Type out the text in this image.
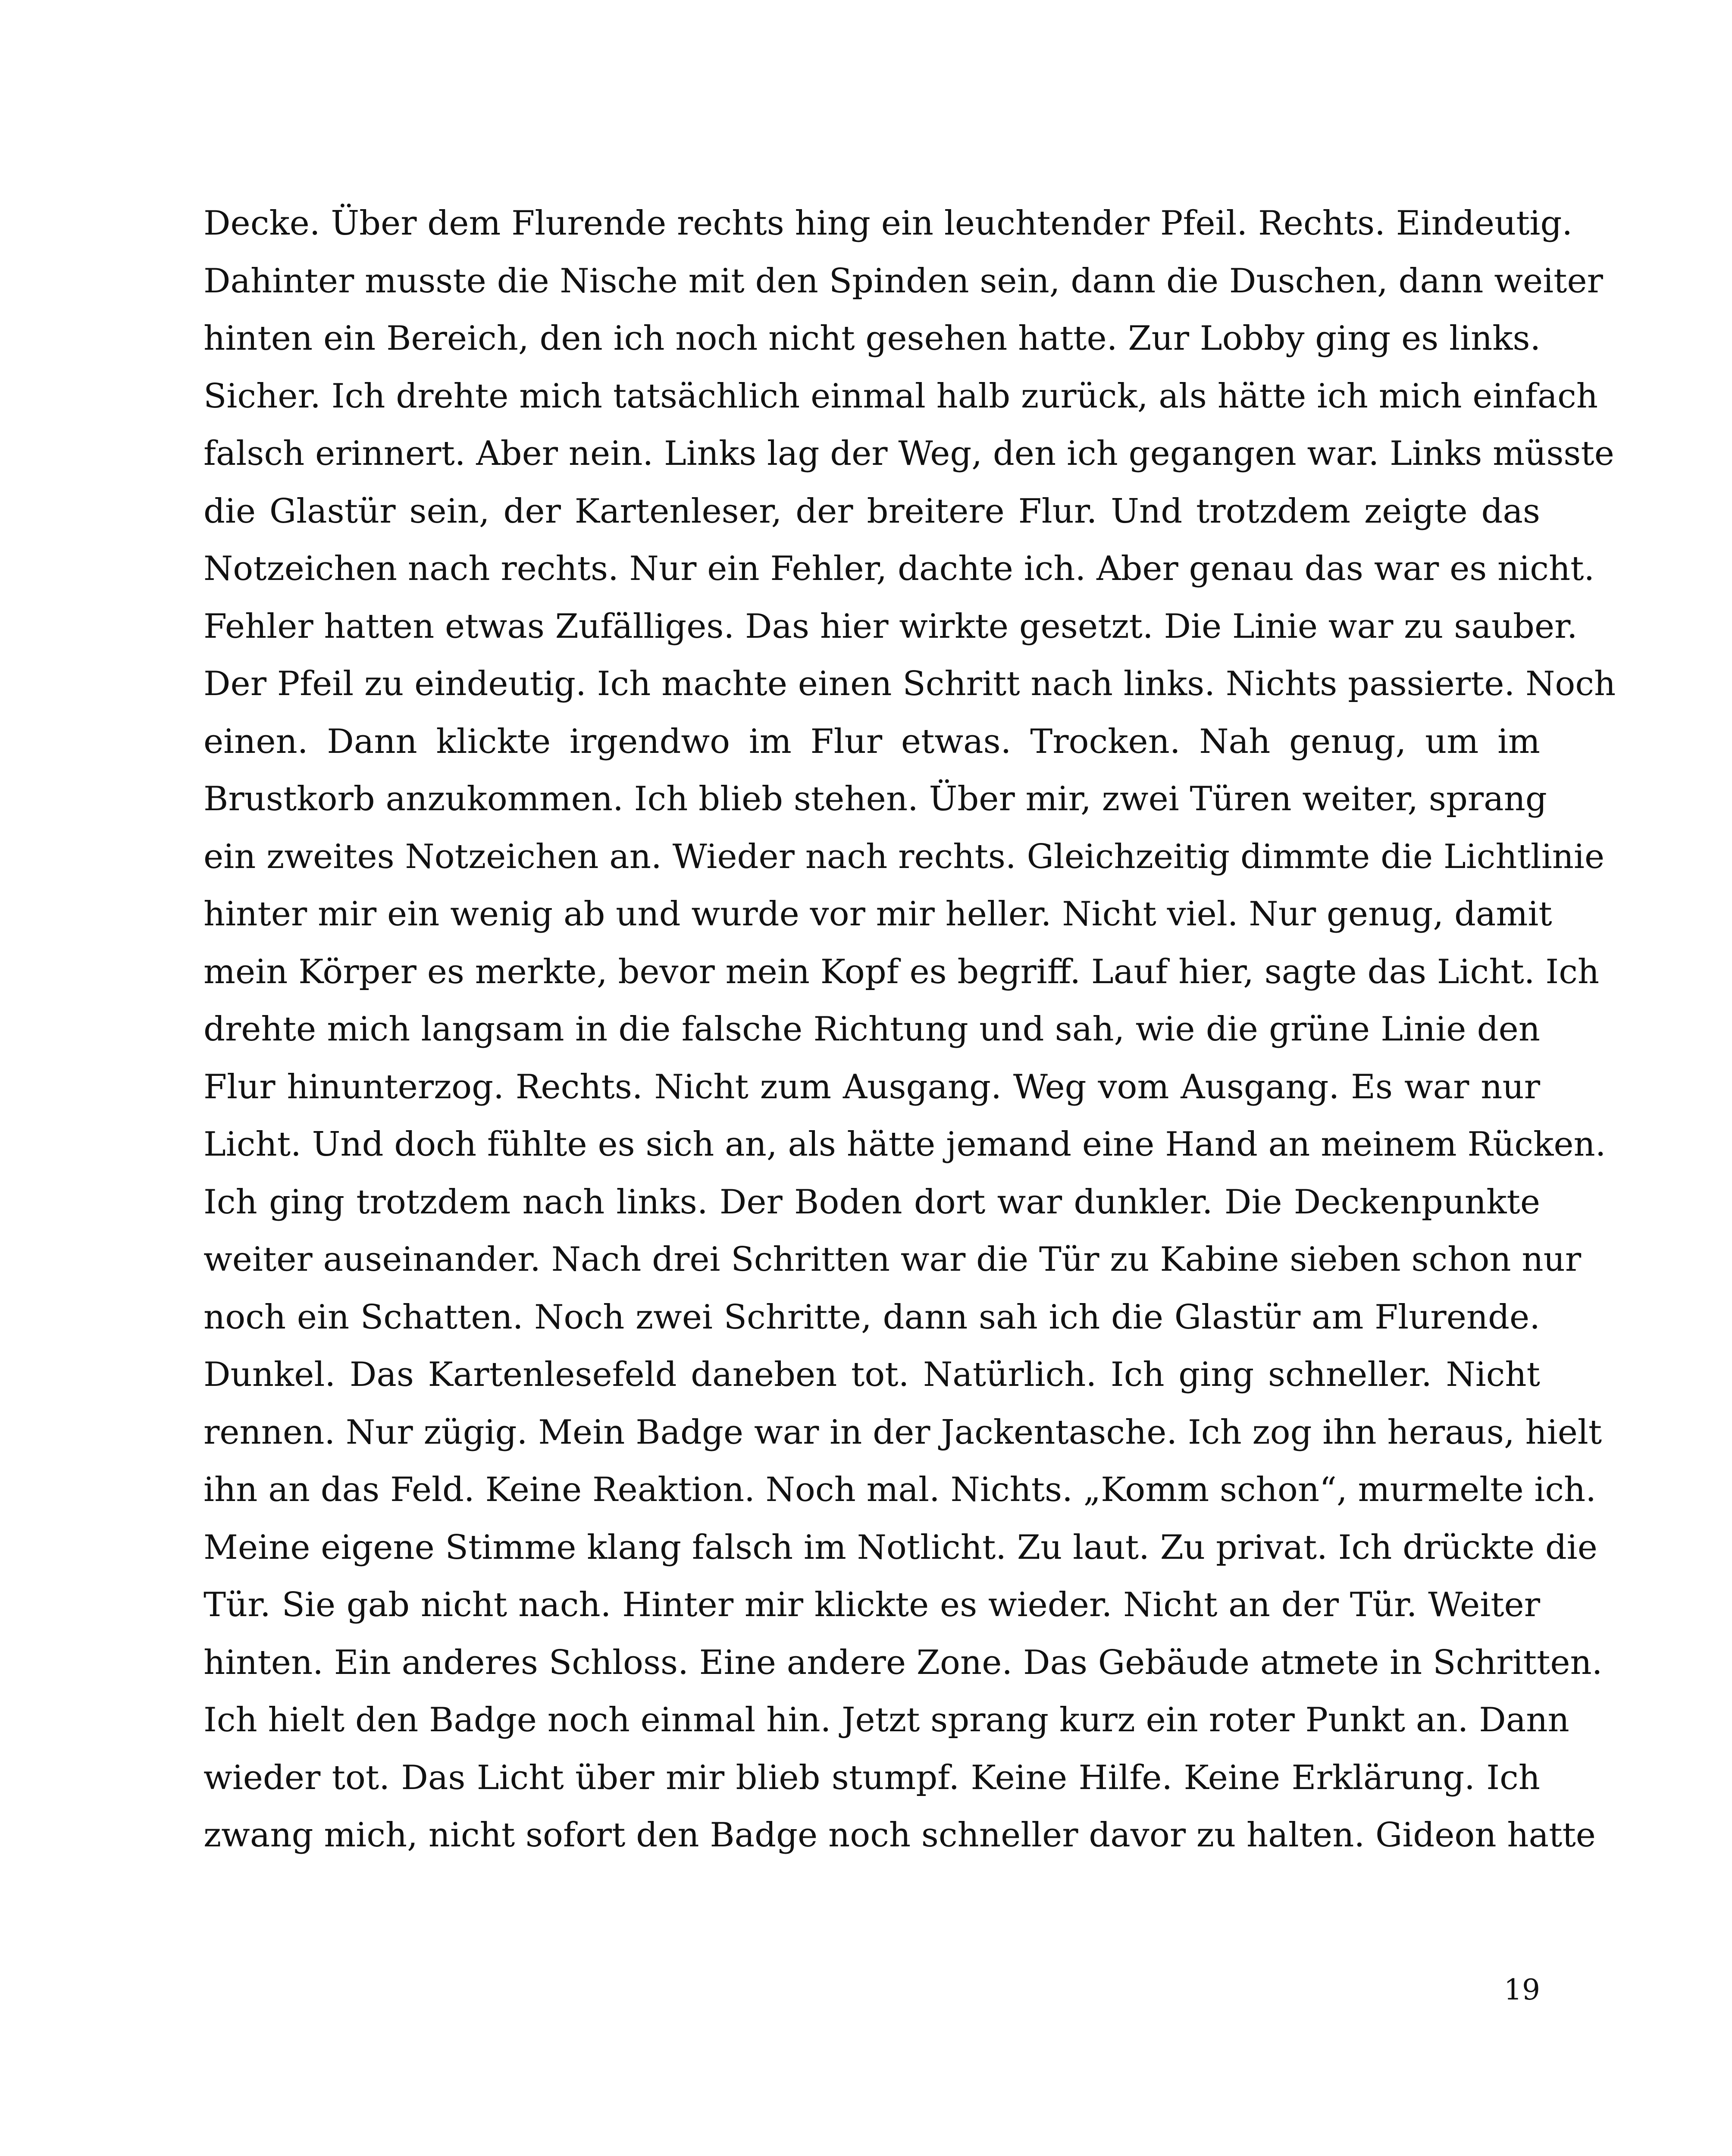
Decke. Über dem Flurende rechts hing ein leuchtender Pfeil. Rechts. Eindeutig.
Dahinter musste die Nische mit den Spinden sein, dann die Duschen, dann weiter
hinten ein Bereich, den ich noch nicht gesehen hatte. Zur Lobby ging es links.
Sicher. Ich drehte mich tatsächlich einmal halb zurück, als hätte ich mich einfach
falsch erinnert. Aber nein. Links lag der Weg, den ich gegangen war. Links müsste
die Glastür sein, der Kartenleser, der breitere Flur. Und trotzdem zeigte das
Notzeichen nach rechts. Nur ein Fehler, dachte ich. Aber genau das war es nicht.
Fehler hatten etwas Zufälliges. Das hier wirkte gesetzt. Die Linie war zu sauber.
Der Pfeil zu eindeutig. Ich machte einen Schritt nach links. Nichts passierte. Noch
einen. Dann klickte irgendwo im Flur etwas. Trocken. Nah genug, um im
Brustkorb anzukommen. Ich blieb stehen. Über mir, zwei Türen weiter, sprang
ein zweites Notzeichen an. Wieder nach rechts. Gleichzeitig dimmte die Lichtlinie
hinter mir ein wenig ab und wurde vor mir heller. Nicht viel. Nur genug, damit
mein Körper es merkte, bevor mein Kopf es begriff. Lauf hier, sagte das Licht. Ich
drehte mich langsam in die falsche Richtung und sah, wie die grüne Linie den
Flur hinunterzog. Rechts. Nicht zum Ausgang. Weg vom Ausgang. Es war nur
Licht. Und doch fühlte es sich an, als hätte jemand eine Hand an meinem Rücken.
Ich ging trotzdem nach links. Der Boden dort war dunkler. Die Deckenpunkte
weiter auseinander. Nach drei Schritten war die Tür zu Kabine sieben schon nur
noch ein Schatten. Noch zwei Schritte, dann sah ich die Glastür am Flurende.
Dunkel. Das Kartenlesefeld daneben tot. Natürlich. Ich ging schneller. Nicht
rennen. Nur zügig. Mein Badge war in der Jackentasche. Ich zog ihn heraus, hielt
ihn an das Feld. Keine Reaktion. Noch mal. Nichts. „Komm schon“, murmelte ich.
Meine eigene Stimme klang falsch im Notlicht. Zu laut. Zu privat. Ich drückte die
Tür. Sie gab nicht nach. Hinter mir klickte es wieder. Nicht an der Tür. Weiter
hinten. Ein anderes Schloss. Eine andere Zone. Das Gebäude atmete in Schritten.
Ich hielt den Badge noch einmal hin. Jetzt sprang kurz ein roter Punkt an. Dann
wieder tot. Das Licht über mir blieb stumpf. Keine Hilfe. Keine Erklärung. Ich
zwang mich, nicht sofort den Badge noch schneller davor zu halten. Gideon hatte
19
